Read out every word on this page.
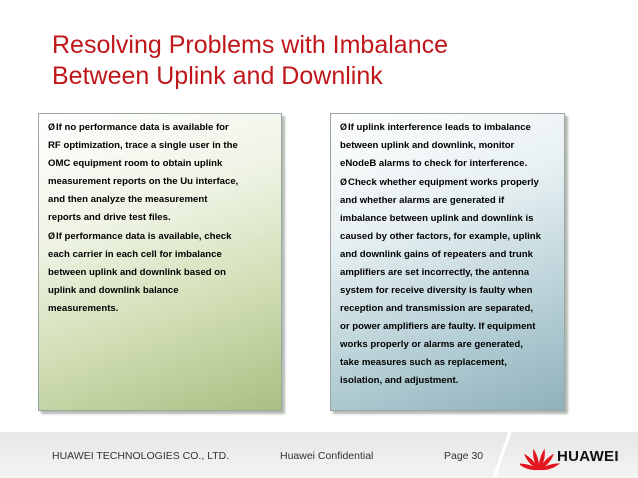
Resolving Problems with Imbalance
Between Uplink and Downlink

ØIf no performance data is available for
RF optimization, trace a single user in the
OMC equipment room to obtain uplink
measurement reports on the Uu interface,
and then analyze the measurement
reports and drive test files.
ØIf performance data is available, check
each carrier in each cell for imbalance
between uplink and downlink based on
uplink and downlink balance
measurements.

ØIf uplink interference leads to imbalance
between uplink and downlink, monitor
eNodeB alarms to check for interference.
ØCheck whether equipment works properly
and whether alarms are generated if
imbalance between uplink and downlink is
caused by other factors, for example, uplink
and downlink gains of repeaters and trunk
amplifiers are set incorrectly, the antenna
system for receive diversity is faulty when
reception and transmission are separated,
or power amplifiers are faulty. If equipment
works properly or alarms are generated,
take measures such as replacement,
isolation, and adjustment.

HUAWEI TECHNOLOGIES CO., LTD.	Huawei Confidential	Page 30	HUAWEI
